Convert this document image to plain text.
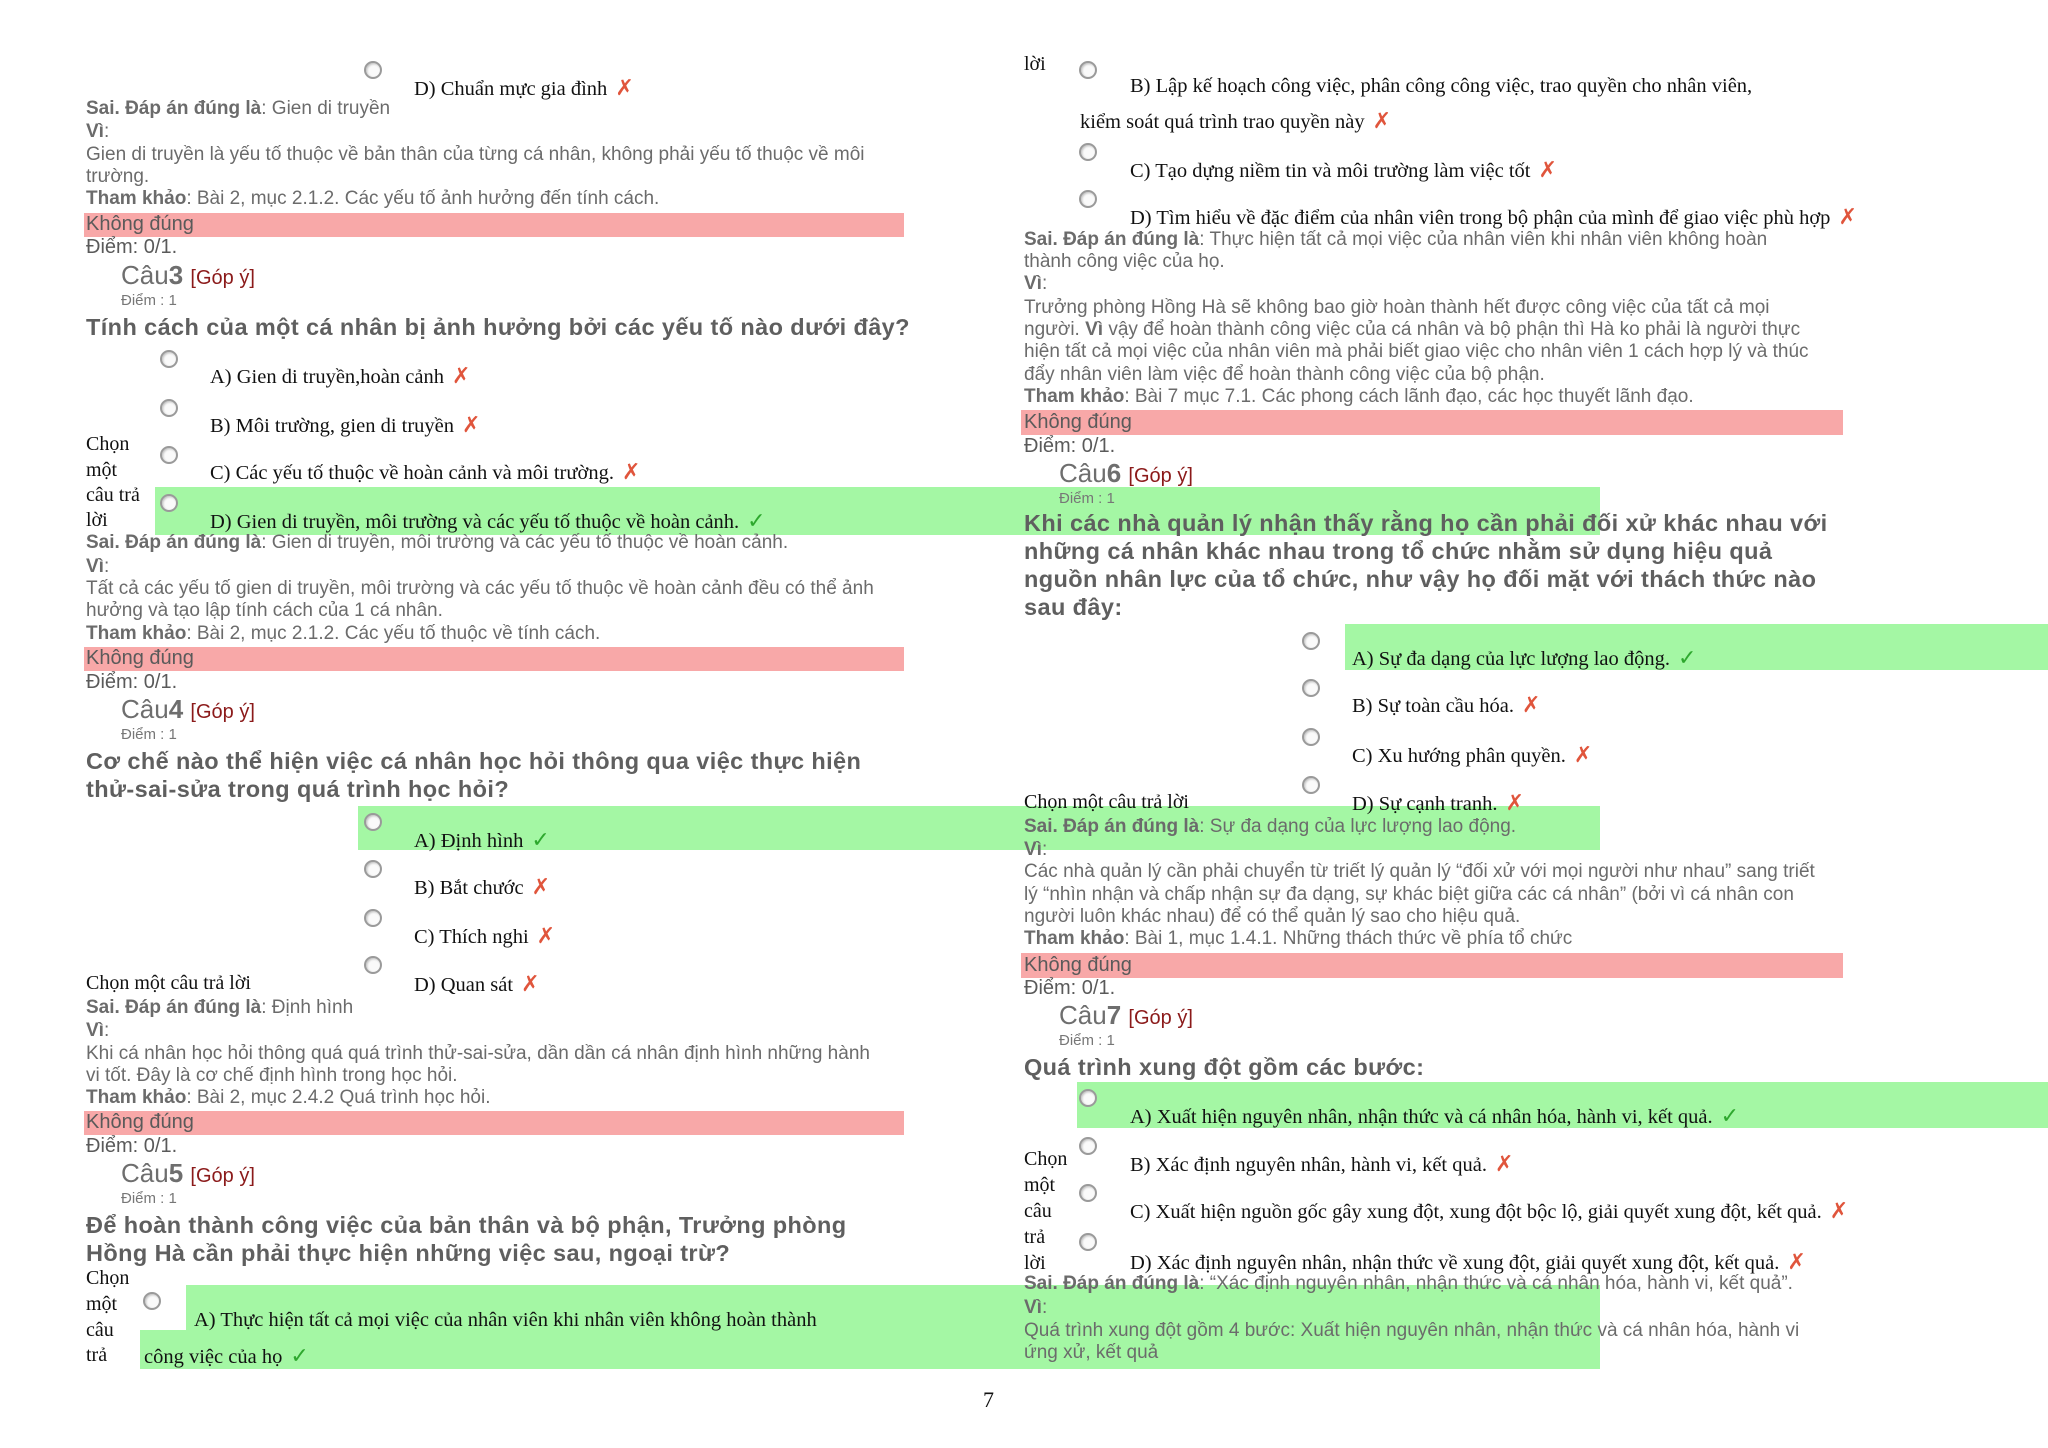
D) Chuẩn mực gia đình ✗
Sai. Đáp án đúng là: Gien di truyền
Vì:
Gien di truyền là yếu tố thuộc về bản thân của từng cá nhân, không phải yếu tố thuộc về môi
trường.
Tham khảo: Bài 2, mục 2.1.2. Các yếu tố ảnh hưởng đến tính cách.
Không đúng
Điểm: 0/1.
Câu3 [Góp ý]
Điểm : 1
Tính cách của một cá nhân bị ảnh hưởng bởi các yếu tố nào dưới đây?
A) Gien di truyền,hoàn cảnh ✗
B) Môi trường, gien di truyền ✗
Chọn
một	C) Các yếu tố thuộc về hoàn cảnh và môi trường. ✗
câu trả
lời	D) Gien di truyền, môi trường và các yếu tố thuộc về hoàn cảnh. ✓
Sai. Đáp án đúng là: Gien di truyền, môi trường và các yếu tố thuộc về hoàn cảnh.
Vì:
Tất cả các yếu tố gien di truyền, môi trường và các yếu tố thuộc về hoàn cảnh đều có thể ảnh
hưởng và tạo lập tính cách của 1 cá nhân.
Tham khảo: Bài 2, mục 2.1.2. Các yếu tố thuộc về tính cách.
Không đúng
Điểm: 0/1.
Câu4 [Góp ý]
Điểm : 1
Cơ chế nào thể hiện việc cá nhân học hỏi thông qua việc thực hiện
thử-sai-sửa trong quá trình học hỏi?
A) Định hình ✓
B) Bắt chước ✗
C) Thích nghi ✗
Chọn một câu trả lời	D) Quan sát ✗
Sai. Đáp án đúng là: Định hình
Vì:
Khi cá nhân học hỏi thông quá quá trình thử-sai-sửa, dần dần cá nhân định hình những hành
vi tốt. Đây là cơ chế định hình trong học hỏi.
Tham khảo: Bài 2, mục 2.4.2 Quá trình học hỏi.
Không đúng
Điểm: 0/1.
Câu5 [Góp ý]
Điểm : 1
Để hoàn thành công việc của bản thân và bộ phận, Trưởng phòng
Hồng Hà cần phải thực hiện những việc sau, ngoại trừ?
Chọn
một
câu	A) Thực hiện tất cả mọi việc của nhân viên khi nhân viên không hoàn thành
trả công việc của họ ✓
lời
B) Lập kế hoạch công việc, phân công công việc, trao quyền cho nhân viên,
kiểm soát quá trình trao quyền này ✗
C) Tạo dựng niềm tin và môi trường làm việc tốt ✗
D) Tìm hiểu về đặc điểm của nhân viên trong bộ phận của mình để giao việc phù hợp ✗
Sai. Đáp án đúng là: Thực hiện tất cả mọi việc của nhân viên khi nhân viên không hoàn
thành công việc của họ.
Vì:
Trưởng phòng Hồng Hà sẽ không bao giờ hoàn thành hết được công việc của tất cả mọi
người. Vì vậy để hoàn thành công việc của cá nhân và bộ phận thì Hà ko phải là người thực
hiện tất cả mọi việc của nhân viên mà phải biết giao việc cho nhân viên 1 cách hợp lý và thúc
đẩy nhân viên làm việc để hoàn thành công việc của bộ phận.
Tham khảo: Bài 7 mục 7.1. Các phong cách lãnh đạo, các học thuyết lãnh đạo.
Không đúng
Điểm: 0/1.
Câu6 [Góp ý]
Điểm : 1
Khi các nhà quản lý nhận thấy rằng họ cần phải đối xử khác nhau với
những cá nhân khác nhau trong tổ chức nhằm sử dụng hiệu quả
nguồn nhân lực của tổ chức, như vậy họ đối mặt với thách thức nào
sau đây:
A) Sự đa dạng của lực lượng lao động. ✓
B) Sự toàn cầu hóa. ✗
C) Xu hướng phân quyền. ✗
Chọn một câu trả lời	D) Sự cạnh tranh. ✗
Sai. Đáp án đúng là: Sự đa dạng của lực lượng lao động.
Vì:
Các nhà quản lý cần phải chuyển từ triết lý quản lý “đối xử với mọi người như nhau” sang triết
lý “nhìn nhận và chấp nhận sự đa dạng, sự khác biệt giữa các cá nhân” (bởi vì cá nhân con
người luôn khác nhau) để có thể quản lý sao cho hiệu quả.
Tham khảo: Bài 1, mục 1.4.1. Những thách thức về phía tổ chức
Không đúng
Điểm: 0/1.
Câu7 [Góp ý]
Điểm : 1
Quá trình xung đột gồm các bước:
A) Xuất hiện nguyên nhân, nhận thức và cá nhân hóa, hành vi, kết quả. ✓
Chọn	B) Xác định nguyên nhân, hành vi, kết quả. ✗
một
C) Xuất hiện nguồn gốc gây xung đột, xung đột bộc lộ, giải quyết xung đột, kết quả. ✗
câu
trả
lời	D) Xác định nguyên nhân, nhận thức về xung đột, giải quyết xung đột, kết quả. ✗
Sai. Đáp án đúng là: “Xác định nguyên nhân, nhận thức và cá nhân hóa, hành vi, kết quả”.
Vì:
Quá trình xung đột gồm 4 bước: Xuất hiện nguyên nhân, nhận thức và cá nhân hóa, hành vi
ứng xử, kết quả
7
